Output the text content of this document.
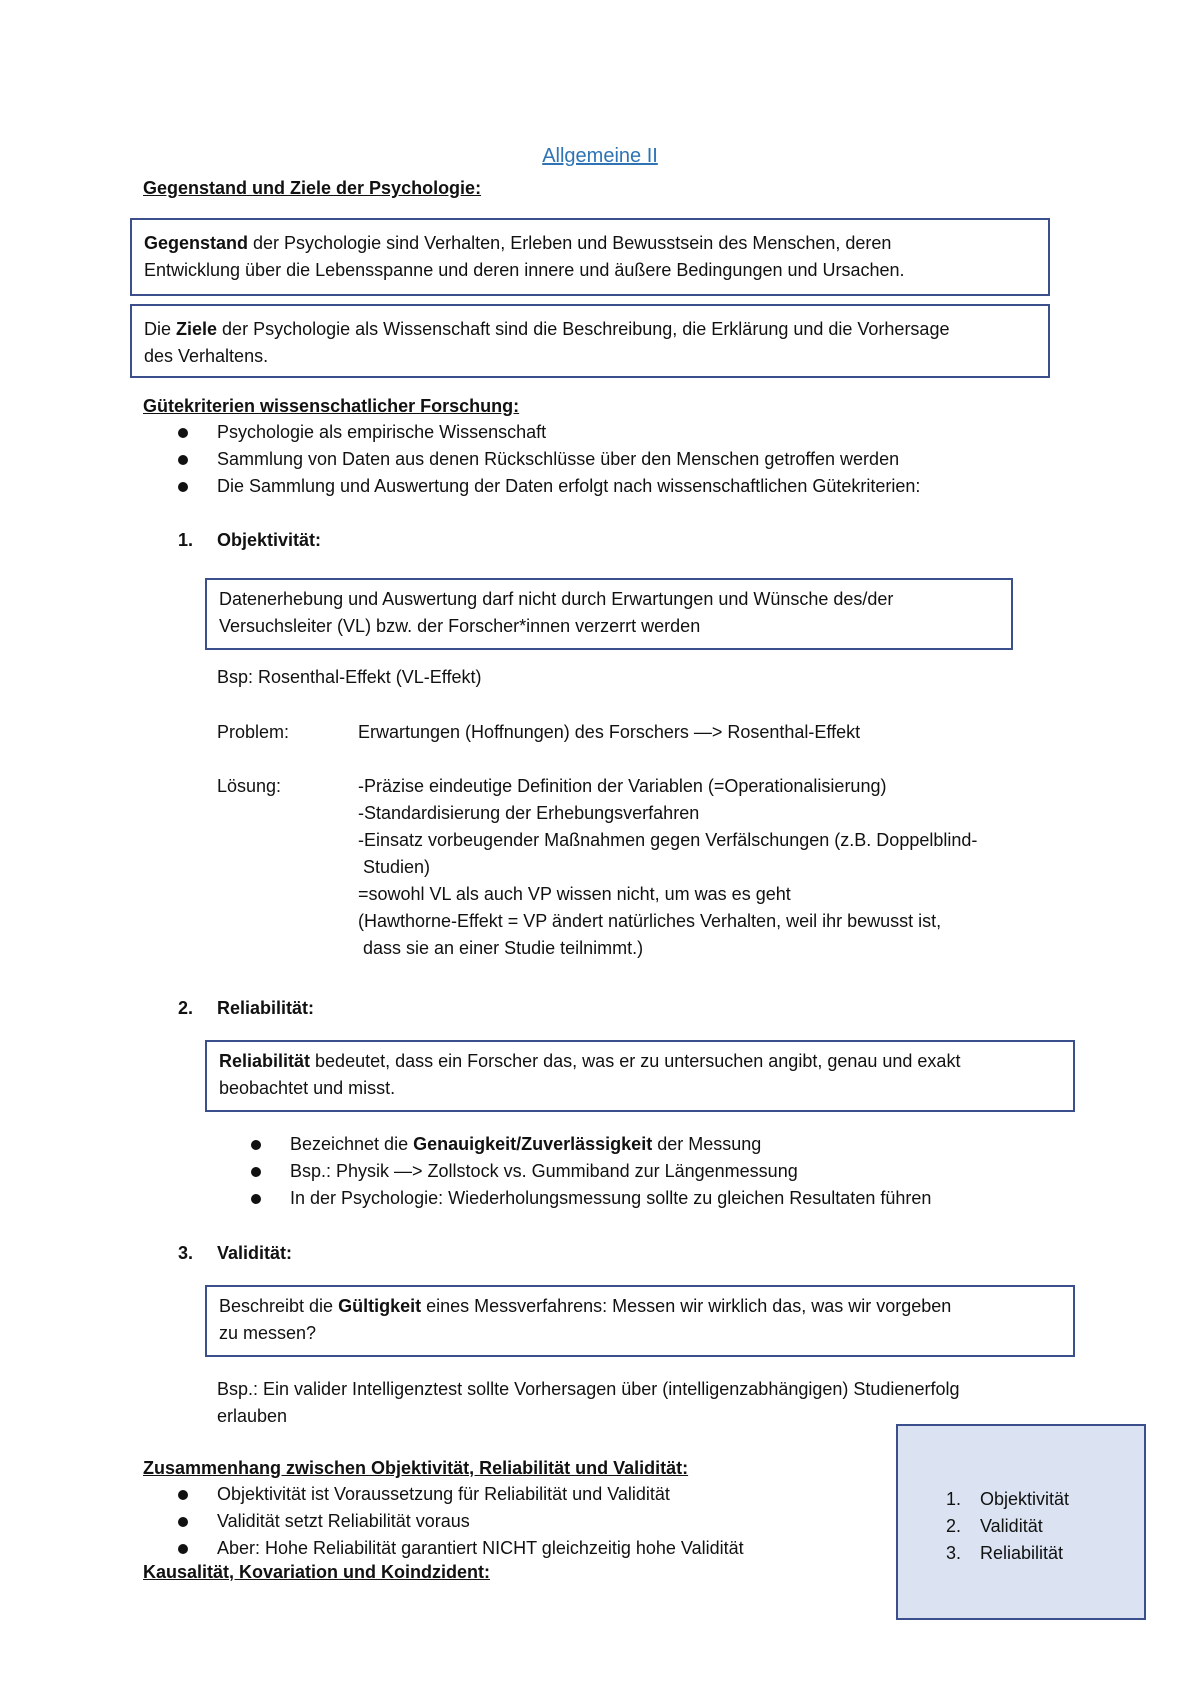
Allgemeine II
Gegenstand und Ziele der Psychologie:
Gegenstand der Psychologie sind Verhalten, Erleben und Bewusstsein des Menschen, deren
Entwicklung über die Lebensspanne und deren innere und äußere Bedingungen und Ursachen.
Die Ziele der Psychologie als Wissenschaft sind die Beschreibung, die Erklärung und die Vorhersage
des Verhaltens.
Gütekriterien wissenschatlicher Forschung:
Psychologie als empirische Wissenschaft
Sammlung von Daten aus denen Rückschlüsse über den Menschen getroffen werden
Die Sammlung und Auswertung der Daten erfolgt nach wissenschaftlichen Gütekriterien:
1. Objektivität:
Datenerhebung und Auswertung darf nicht durch Erwartungen und Wünsche des/der
Versuchsleiter (VL) bzw. der Forscher*innen verzerrt werden
Bsp: Rosenthal-Effekt (VL-Effekt)
Problem:	Erwartungen (Hoffnungen) des Forschers —> Rosenthal-Effekt
Lösung:	-Präzise eindeutige Definition der Variablen (=Operationalisierung)
-Standardisierung der Erhebungsverfahren
-Einsatz vorbeugender Maßnahmen gegen Verfälschungen (z.B. Doppelblind-
Studien)
=sowohl VL als auch VP wissen nicht, um was es geht
(Hawthorne-Effekt = VP ändert natürliches Verhalten, weil ihr bewusst ist,
dass sie an einer Studie teilnimmt.)
2. Reliabilität:
Reliabilität bedeutet, dass ein Forscher das, was er zu untersuchen angibt, genau und exakt
beobachtet und misst.
Bezeichnet die Genauigkeit/Zuverlässigkeit der Messung
Bsp.: Physik —> Zollstock vs. Gummiband zur Längenmessung
In der Psychologie: Wiederholungsmessung sollte zu gleichen Resultaten führen
3. Validität:
Beschreibt die Gültigkeit eines Messverfahrens: Messen wir wirklich das, was wir vorgeben
zu messen?
Bsp.: Ein valider Intelligenztest sollte Vorhersagen über (intelligenzabhängigen) Studienerfolg
erlauben
Zusammenhang zwischen Objektivität, Reliabilität und Validität:
Objektivität ist Voraussetzung für Reliabilität und Validität
Validität setzt Reliabilität voraus
Aber: Hohe Reliabilität garantiert NICHT gleichzeitig hohe Validität
Kausalität, Kovariation und Koindzident:
1. Objektivität
2. Validität
3. Reliabilität
